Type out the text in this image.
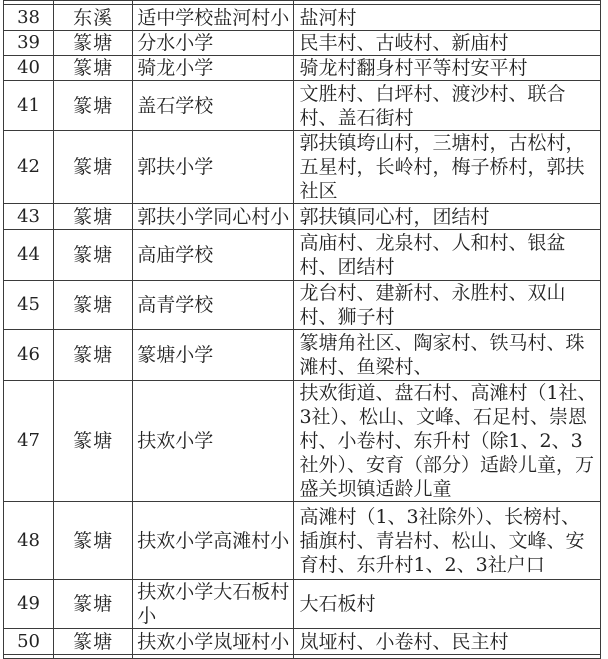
38	东溪	适中学校盐河村小	盐河村
39	篆塘	分水小学	民丰村、古岐村、新庙村
40	篆塘	骑龙小学	骑龙村翻身村平等村安平村
41	篆塘	盖石学校	文胜村、白坪村、渡沙村、联合村、盖石街村
42	篆塘	郭扶小学	郭扶镇垮山村，三塘村，古松村，五星村，长岭村，梅子桥村，郭扶社区
43	篆塘	郭扶小学同心村小	郭扶镇同心村，团结村
44	篆塘	高庙学校	高庙村、龙泉村、人和村、银盆村、团结村
45	篆塘	高青学校	龙台村、建新村、永胜村、双山村、狮子村
46	篆塘	篆塘小学	篆塘角社区、陶家村、铁马村、珠滩村、鱼梁村、
47	篆塘	扶欢小学	扶欢街道、盘石村、高滩村（1社、3社）、松山、文峰、石足村、崇恩村、小卷村、东升村（除1、2、3社外）、安育（部分）适龄儿童，万盛关坝镇适龄儿童
48	篆塘	扶欢小学高滩村小	高滩村（1、3社除外）、长榜村、插旗村、青岩村、松山、文峰、安育村、东升村1、2、3社户口
49	篆塘	扶欢小学大石板村小	大石板村
50	篆塘	扶欢小学岚垭村小	岚垭村、小卷村、民主村
